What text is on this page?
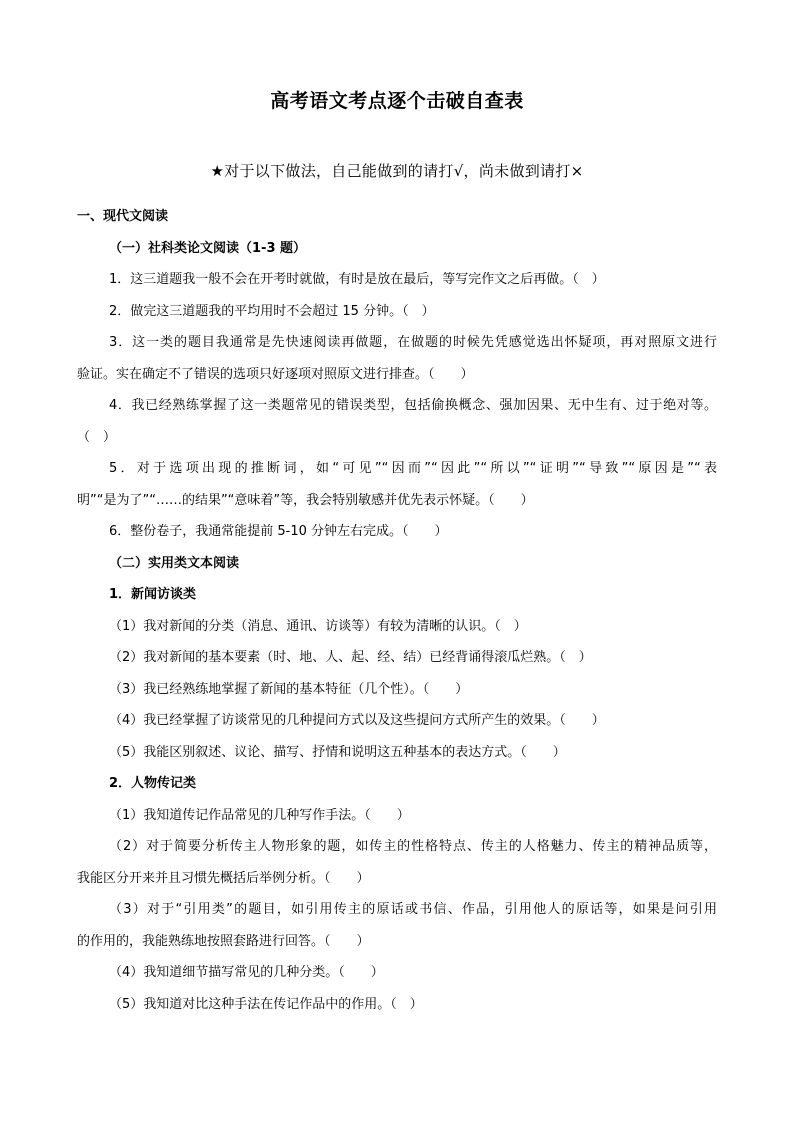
高考语文考点逐个击破自查表
★对于以下做法，自己能做到的请打√，尚未做到请打×
一、现代文阅读
（一）社科类论文阅读（1-3 题）
1．这三道题我一般不会在开考时就做，有时是放在最后，等写完作文之后再做。（　）
2．做完这三道题我的平均用时不会超过 15 分钟。（　）
3．这一类的题目我通常是先快速阅读再做题，在做题的时候先凭感觉选出怀疑项，再对照原文进行
验证。实在确定不了错误的选项只好逐项对照原文进行排查。（　　）
4．我已经熟练掌握了这一类题常见的错误类型，包括偷换概念、强加因果、无中生有、过于绝对等。
（　）
5．对于选项出现的推断词，如“可见”“因而”“因此”“所以”“证明”“导致”“原因是”“表
明”“是为了”“……的结果”“意味着”等，我会特别敏感并优先表示怀疑。（　　）
6．整份卷子，我通常能提前 5-10 分钟左右完成。（　　）
（二）实用类文本阅读
1．新闻访谈类
（1）我对新闻的分类（消息、通讯、访谈等）有较为清晰的认识。（　）
（2）我对新闻的基本要素（时、地、人、起、经、结）已经背诵得滚瓜烂熟。（　）
（3）我已经熟练地掌握了新闻的基本特征（几个性）。（　　）
（4）我已经掌握了访谈常见的几种提问方式以及这些提问方式所产生的效果。（　　）
（5）我能区别叙述、议论、描写、抒情和说明这五种基本的表达方式。（　　）
2．人物传记类
（1）我知道传记作品常见的几种写作手法。（　　）
（2）对于简要分析传主人物形象的题，如传主的性格特点、传主的人格魅力、传主的精神品质等，
我能区分开来并且习惯先概括后举例分析。（　　）
（3）对于“引用类”的题目，如引用传主的原话或书信、作品，引用他人的原话等，如果是问引用
的作用的，我能熟练地按照套路进行回答。（　　）
（4）我知道细节描写常见的几种分类。（　　）
（5）我知道对比这种手法在传记作品中的作用。（　）
